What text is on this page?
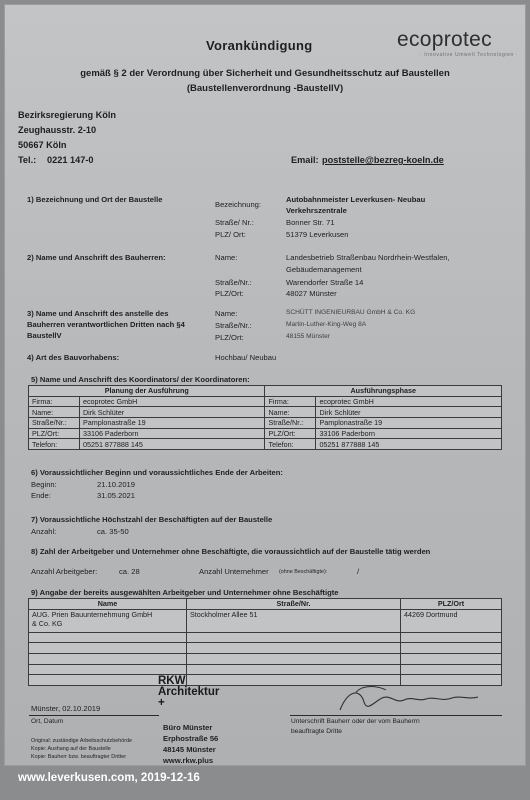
Vorankündigung	ecoprotec
· Innovative Umwelt Technologien ·
gemäß § 2 der Verordnung über Sicherheit und Gesundheitsschutz auf Baustellen
(Baustellenverordnung -BaustellV)
Bezirksregierung Köln
Zeughausstr. 2-10
50667 Köln
Tel.: 0221 147-0	Email: poststelle@bezreg-koeln.de
1) Bezeichnung und Ort der Baustelle
Bezeichnung:
Autobahnmeister Leverkusen- Neubau
Verkehrszentrale
Straße/ Nr.:	Bonner Str. 71
PLZ/ Ort:	51379 Leverkusen
2) Name und Anschrift des Bauherren:	Name:	Landesbetrieb Straßenbau Nordrhein-Westfalen,
Gebäudemanagement
Straße/Nr.:	Warendorfer Straße 14
PLZ/Ort:	48027 Münster
3) Name und Anschrift des anstelle des
Bauherren verantwortlichen Dritten nach §4
BaustellV
Name:	SCHÜTT INGENIEURBAU GmbH & Co. KG
Straße/Nr.:	Martin-Luther-King-Weg 8A
PLZ/Ort:	48155 Münster
4) Art des Bauvorhabens:	Hochbau/ Neubau
5) Name und Anschrift des Koordinators/ der Koordinatoren:
Planung der Ausführung		Ausführungsphase	
Firma:	ecoprotec GmbH	Firma:	ecoprotec GmbH
Name:	Dirk Schlüter	Name:	Dirk Schlüter
Straße/Nr.:	Pamplonastraße 19	Straße/Nr.:	Pamplonastraße 19
PLZ/Ort:	33106 Paderborn	PLZ/Ort:	33106 Paderborn
Telefon:	05251 877888 145	Telefon:	05251 877888 145
6) Voraussichtlicher Beginn und voraussichtliches Ende der Arbeiten:
Beginn:	21.10.2019
Ende:	31.05.2021
7) Voraussichtliche Höchstzahl der Beschäftigten auf der Baustelle
Anzahl:	ca. 35-50
8) Zahl der Arbeitgeber und Unternehmer ohne Beschäftigte, die voraussichtlich auf der Baustelle tätig werden
Anzahl Arbeitgeber:	ca. 28	Anzahl Unternehmer (ohne Beschäftigte):	/
9) Angabe der bereits ausgewählten Arbeitgeber und Unternehmer ohne Beschäftigte
Name	Straße/Nr.	PLZ/Ort

AUG. Prien Bauunternehmung GmbH
& Co. KG	Stockholmer Allee 51	44269 Dortmund

Münster, 02.10.2019
Ort, Datum
Original: zuständige Arbeitsschutzbehörde
Kopie: Aushang auf der Baustelle
Kopie: Bauherr bzw. beauftragter Dritter
RKW
Architektur
+
Büro Münster
Erphostraße 56
48145 Münster
www.rkw.plus
Unterschrift Bauherr oder der vom Bauherrn
beauftragte Dritte
www.leverkusen.com, 2019-12-16
